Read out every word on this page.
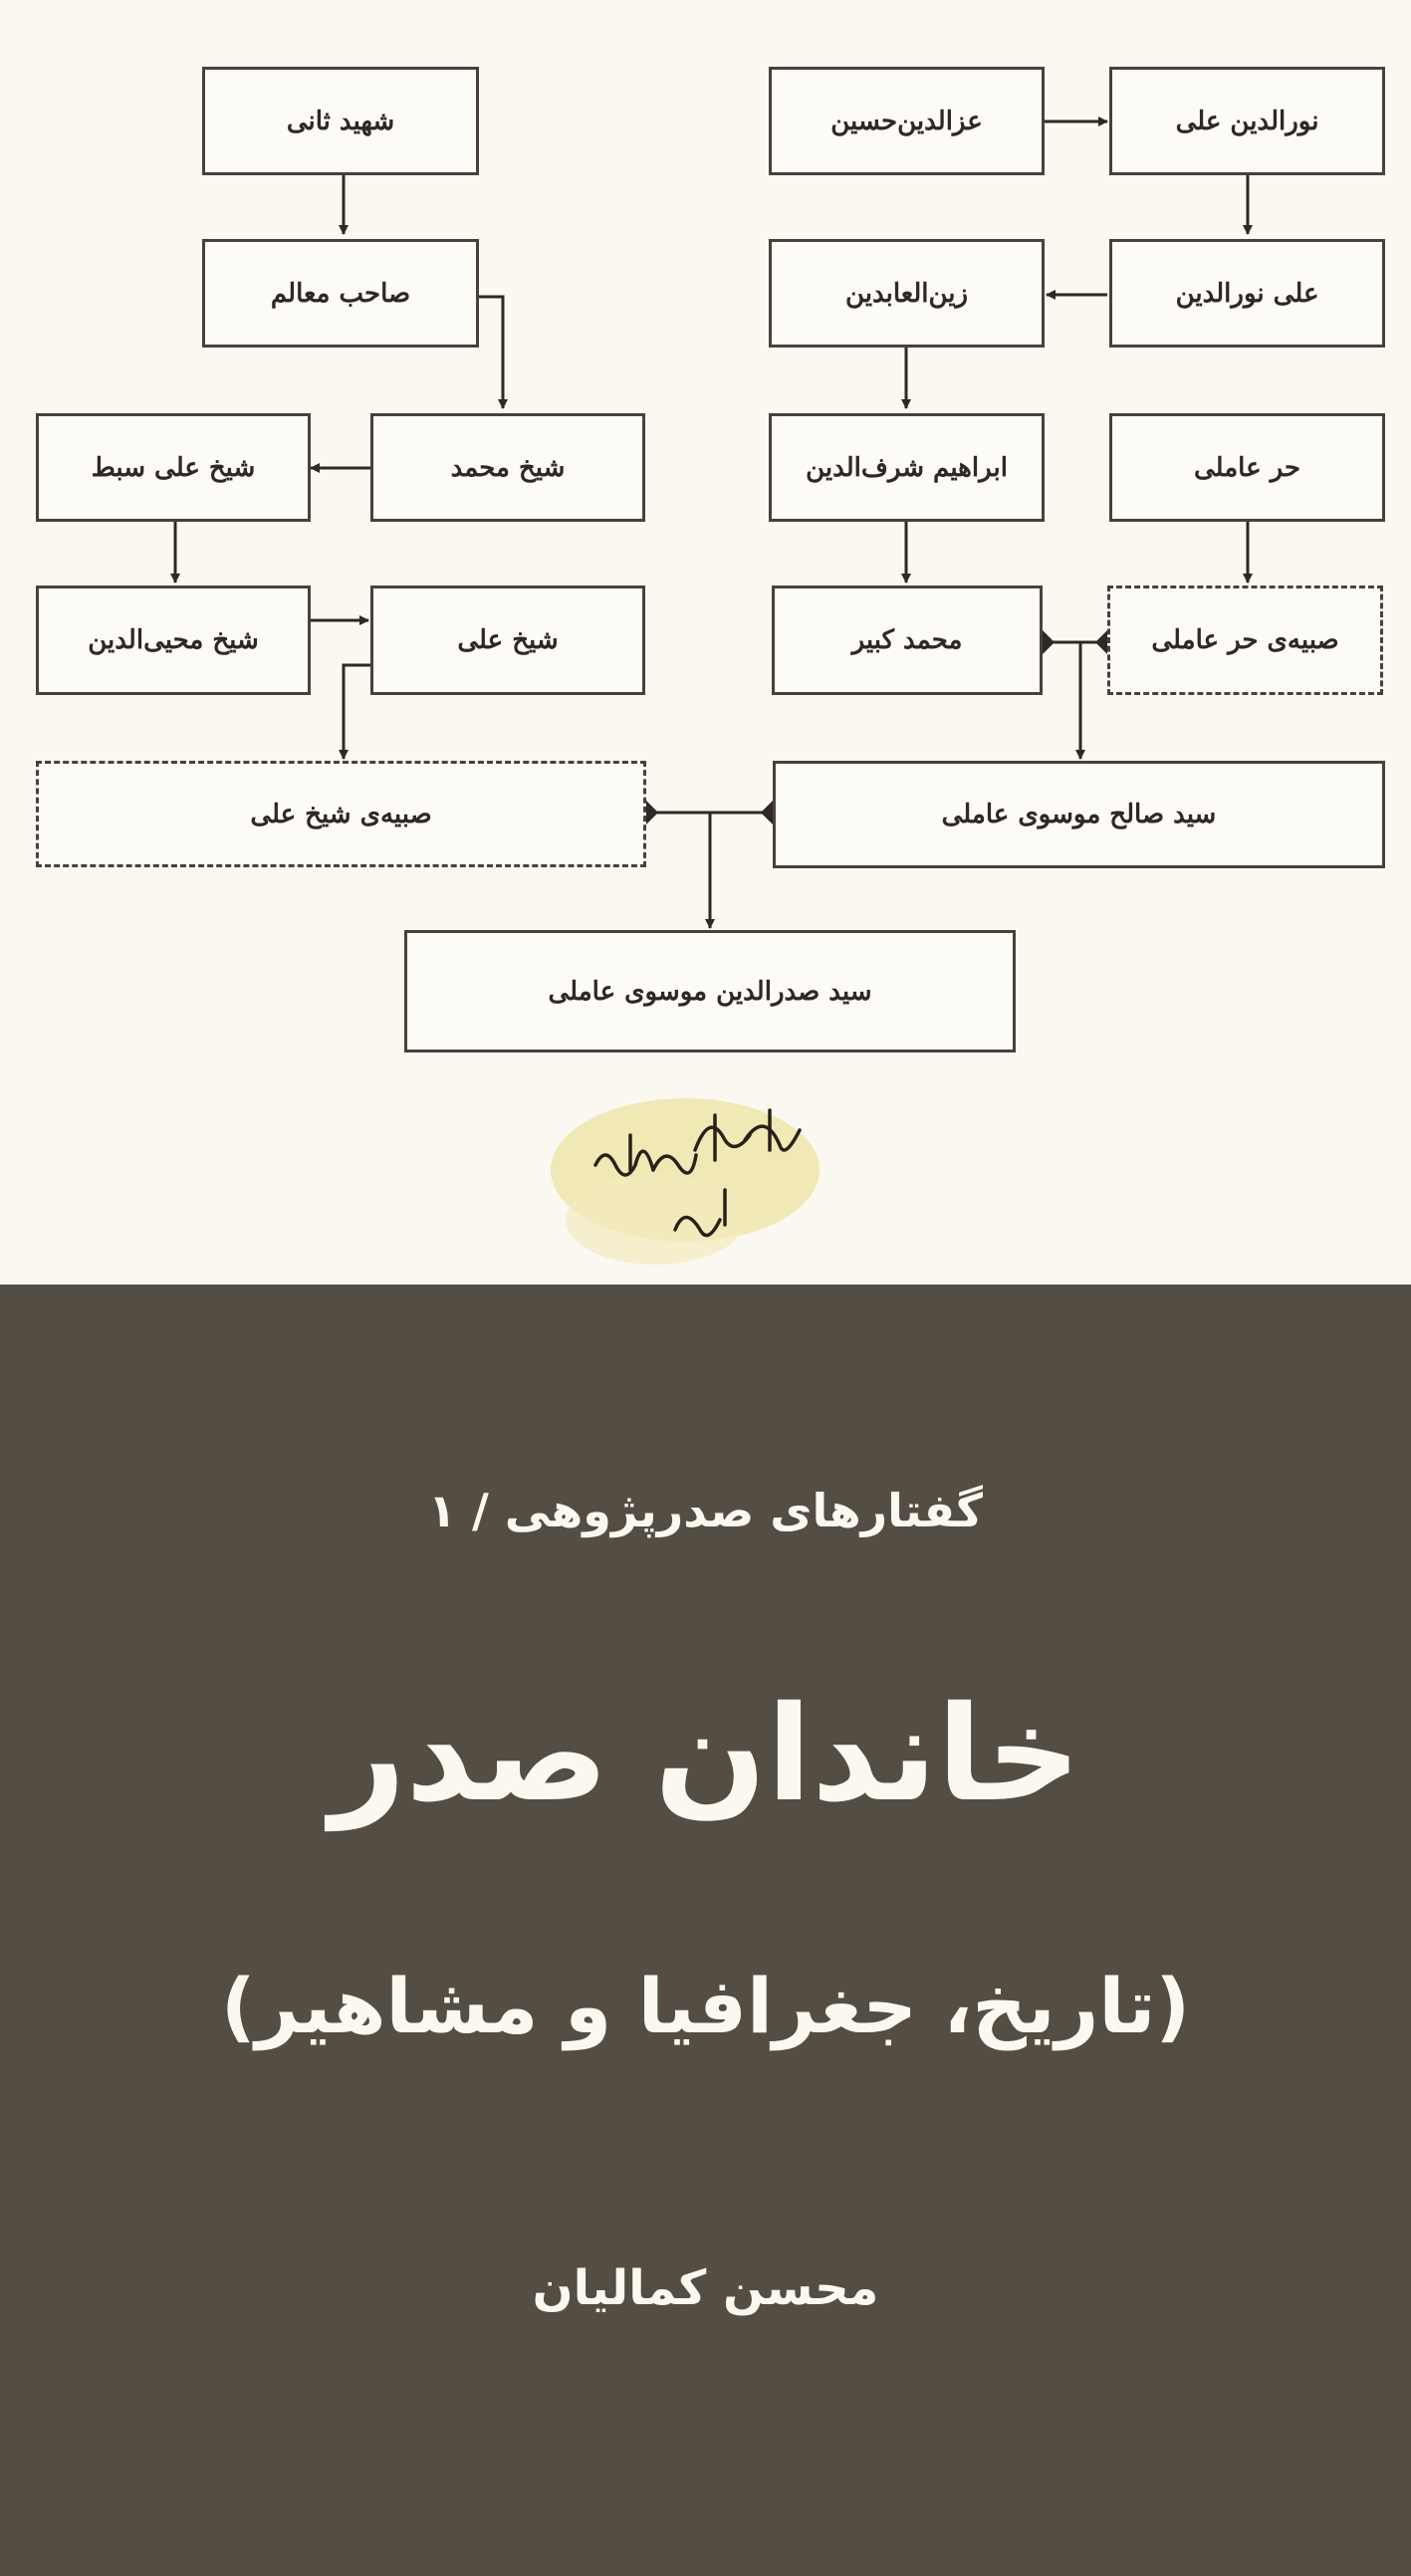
شهید ثانی
صاحب معالم
شیخ محمد
شیخ علی سبط
شیخ محیی‌الدین	شیخ علی
صبیه‌ی شیخ علی
عزالدین‌حسین	نورالدین علی
علی نورالدین
زین‌العابدین
ابراهیم شرف‌الدین	حر عاملی
محمد کبیر	صبیه‌ی حر عاملی
سید صالح موسوی عاملی
سید صدرالدین موسوی عاملی
گفتارهای صدرپژوهی / ۱
خاندان صدر
(تاریخ، جغرافیا و مشاهیر)
محسن کمالیان
